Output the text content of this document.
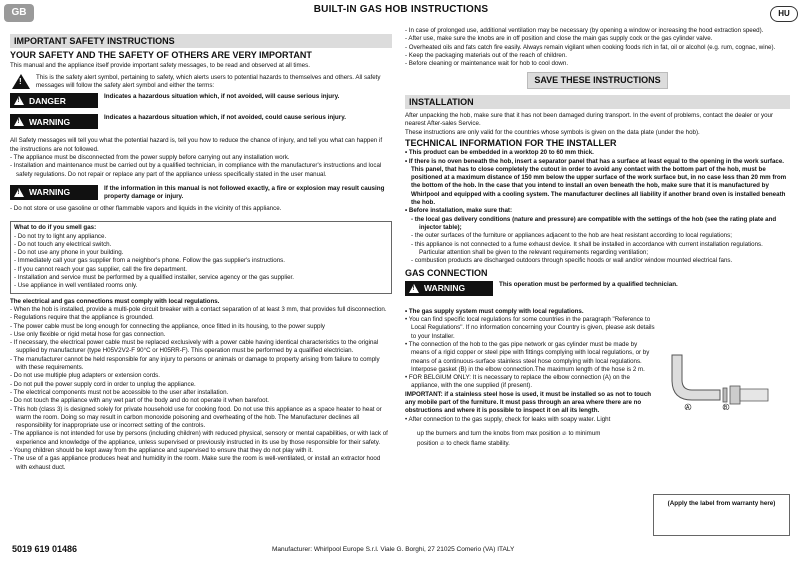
GB	BUILT-IN GAS HOB INSTRUCTIONS	HU
IMPORTANT SAFETY INSTRUCTIONS
YOUR SAFETY AND THE SAFETY OF OTHERS ARE VERY IMPORTANT

This manual and the appliance itself provide important safety messages, to be read and observed at all times.

! This is the safety alert symbol, pertaining to safety, which alerts users to potential hazards to themselves and others. All safety messages will follow the safety alert symbol and either the terms:

! DANGER	Indicates a hazardous situation which, if not avoided, will cause serious injury.
! WARNING	Indicates a hazardous situation which, if not avoided, could cause serious injury.

All Safety messages will tell you what the potential hazard is, tell you how to reduce the chance of injury, and tell you what can happen if the instructions are not followed.

- The appliance must be disconnected from the power supply before carrying out any installation work.

- Installation and maintenance must be carried out by a qualified technician, in compliance with the manufacturer's instructions and local safety regulations. Do not repair or replace any part of the appliance unless specifically stated in the user manual.

! WARNING	If the information in this manual is not followed exactly, a fire or explosion may result causing property damage or injury.

- Do not store or use gasoline or other flammable vapors and liquids in the vicinity of this appliance.

What to do if you smell gas:

- Do not try to light any appliance.

- Do not touch any electrical switch.

- Do not use any phone in your building.

- Immediately call your gas supplier from a neighbor's phone. Follow the gas supplier's instructions.

- If you cannot reach your gas supplier, call the fire department.

- Installation and service must be performed by a qualified installer, service agency or the gas supplier.

- Use appliance in well ventilated rooms only.

The electrical and gas connections must comply with local regulations.

- When the hob is installed, provide a multi-pole circuit breaker with a contact separation of at least 3 mm, that provides full disconnection.

- Regulations require that the appliance is grounded.

- The power cable must be long enough for connecting the appliance, once fitted in its housing, to the power supply

- Use only flexible or rigid metal hose for gas connection.

- If necessary, the electrical power cable must be replaced exclusively with a power cable having identical characteristics to the original supplied by manufacturer (type H05V2V2-F 90°C or H05RR-F). This operation must be performed by a qualified electrician.

- The manufacturer cannot be held responsible for any injury to persons or animals or damage to property arising from failure to comply with these requirements.

- Do not use multiple plug adapters or extension cords.

- Do not pull the power supply cord in order to unplug the appliance.

- The electrical components must not be accessible to the user after installation.

- Do not touch the appliance with any wet part of the body and do not operate it when barefoot.

- This hob (class 3) is designed solely for private household use for cooking food. Do not use this appliance as a space heater to heat or warm the room. Doing so may result in carbon monoxide poisoning and overheating of the hob. The Manufacturer declines all responsibility for inappropriate use or incorrect setting of the controls.

- The appliance is not intended for use by persons (including children) with reduced physical, sensory or mental capabilities, or with lack of experience and knowledge of the appliance, unless supervised or previously instructed in its use by those responsible for their safety.

- Young children should be kept away from the appliance and supervised to ensure that they do not play with it.

- The use of a gas appliance produces heat and humidity in the room. Make sure the room is well-ventilated, or install an extractor hood with exhaust duct.

- In case of prolonged use, additional ventilation may be necessary (by opening a window or increasing the hood extraction speed).

- After use, make sure the knobs are in off position and close the main gas supply cock or the gas cylinder valve.

- Overheated oils and fats catch fire easily. Always remain vigilant when cooking foods rich in fat, oil or alcohol (e.g. rum, cognac, wine).

- Keep the packaging materials out of the reach of children.

- Before cleaning or maintenance wait for hob to cool down.

SAVE THESE INSTRUCTIONS
INSTALLATION

After unpacking the hob, make sure that it has not been damaged during transport. In the event of problems, contact the dealer or your nearest After-sales Service.

These instructions are only valid for the countries whose symbols is given on the data plate (under the hob).

TECHNICAL INFORMATION FOR THE INSTALLER

• This product can be embedded in a worktop 20 to 60 mm thick.

• If there is no oven beneath the hob, insert a separator panel that has a surface at least equal to the opening in the work surface. This panel, that has to close completely the cutout in order to avoid any contact with the bottom part of the hob, must be positioned at a maximum distance of 150 mm below the upper surface of the work surface but, in no case less than 20 mm from the bottom of the hob. In the case that you intend to install an oven beneath the hob, make sure that it is manufactured by Whirlpool and equipped with a cooling system. The manufacturer declines all liability if another brand oven is installed beneath the hob.

• Before installation, make sure that:

- the local gas delivery conditions (nature and pressure) are compatible with the settings of the hob (see the rating plate and injector table);

- the outer surfaces of the furniture or appliances adjacent to the hob are heat resistant according to local regulations;

- this appliance is not connected to a fume exhaust device. It shall be installed in accordance with current installation regulations. Particular attention shall be given to the relevant requirements regarding ventilation;

- combustion products are discharged outdoors through specific hoods or wall and/or window mounted electrical fans.

GAS CONNECTION
! WARNING	This operation must be performed by a qualified technician.

• The gas supply system must comply with local regulations.

• You can find specific local regulations for some countries in the paragraph "Reference to Local Regulations". If no information concerning your Country is given, please ask details to your Installer.

• The connection of the hob to the gas pipe network or gas cylinder must be made by means of a rigid copper or steel pipe with fittings complying with local regulations, or by means of a continuous-surface stainless steel hose complying with local regulations. Interpose gasket (B) in the elbow connection.The maximum length of the hose is 2 m.

• FOR BELGIUM ONLY: It is necessary to replace the elbow connection (A) on the appliance, with the one supplied (if present).

IMPORTANT: if a stainless steel hose is used, it must be installed so as not to touch any mobile part of the furniture. It must pass through an area where there are no obstructions and where it is possible to inspect it on all its length.

• After connection to the gas supply, check for leaks with soapy water. Light

up the burners and turn the knobs from max position 🔥︎ to minimum

position 🔥︎ to check flame stability.

A	B
(Apply the label from warranty here)
5019 619 01486	Manufacturer: Whirlpool Europe S.r.l. Viale G. Borghi, 27 21025 Comerio (VA) ITALY
